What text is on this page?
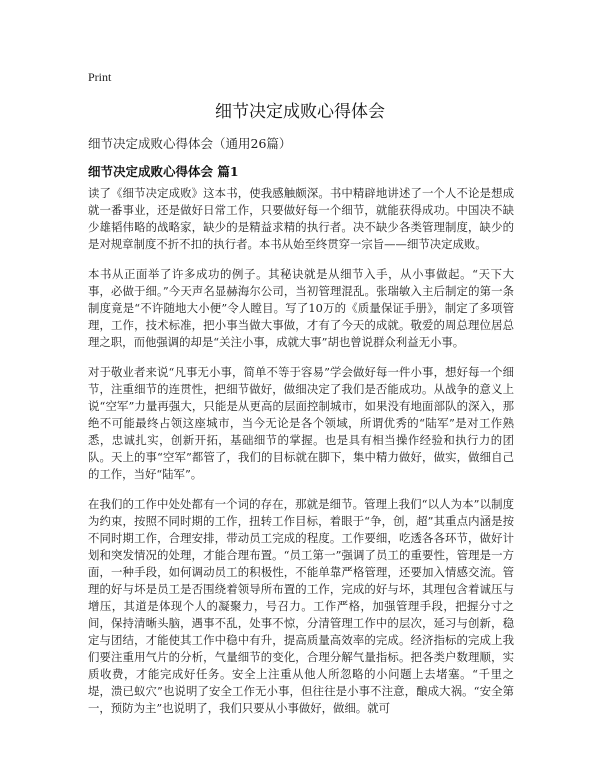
Print
细节决定成败心得体会
细节决定成败心得体会（通用26篇）
细节决定成败心得体会 篇1

读了《细节决定成败》这本书，使我感触颇深。书中精辟地讲述了一个人不论是想成就一番事业，还是做好日常工作，只要做好每一个细节，就能获得成功。中国决不缺少雄韬伟略的战略家，缺少的是精益求精的执行者。决不缺少各类管理制度，缺少的是对规章制度不折不扣的执行者。本书从始至终贯穿一宗旨——细节决定成败。

本书从正面举了许多成功的例子。其秘诀就是从细节入手，从小事做起。“天下大事，必做于细。”今天声名显赫海尔公司，当初管理混乱。张瑞敏入主后制定的第一条制度竟是“不许随地大小便”令人瞠目。写了10万的《质量保证手册》，制定了多项管理，工作，技术标准，把小事当做大事做，才有了今天的成就。敬爱的周总理位居总理之职，而他强调的却是“关注小事，成就大事”胡也曾说群众利益无小事。

对于敬业者来说“凡事无小事，简单不等于容易”学会做好每一件小事，想好每一个细节，注重细节的连贯性，把细节做好，做细决定了我们是否能成功。从战争的意义上说“空军”力量再强大，只能是从更高的层面控制城市，如果没有地面部队的深入，那绝不可能最终占领这座城市，当今无论是各个领域，所谓优秀的“陆军”是对工作熟悉，忠诚扎实，创新开拓，基础细节的掌握。也是具有相当操作经验和执行力的团队。天上的事“空军”都管了，我们的目标就在脚下，集中精力做好，做实，做细自己的工作，当好“陆军”。

在我们的工作中处处都有一个词的存在，那就是细节。管理上我们“以人为本”以制度为约束，按照不同时期的工作，扭转工作目标，着眼于“争，创，超”其重点内涵是按不同时期工作，合理安排，带动员工完成的程度。工作要细，吃透各各环节，做好计划和突发情况的处理，才能合理布置。“员工第一”强调了员工的重要性，管理是一方面，一种手段，如何调动员工的积极性，不能单靠严格管理，还要加入情感交流。管理的好与坏是员工是否围绕着领导所布置的工作，完成的好与坏，其理包含着诚压与增压，其道是体现个人的凝聚力，号召力。工作严格，加强管理手段，把握分寸之间，保持清晰头脑，遇事不乱，处事不惊，分清管理工作中的层次，延习与创新，稳定与团结，才能使其工作中稳中有升，提高质量高效率的完成。经济指标的完成上我们要注重用气片的分析，气量细节的变化，合理分解气量指标。把各类户数理顺，实质收费，才能完成好任务。安全上注重从他人所忽略的小问题上去堵塞。“千里之堤，溃已蚁穴”也说明了安全工作无小事，但往往是小事不注意，酿成大祸。“安全第一，预防为主”也说明了，我们只要从小事做好，做细。就可
